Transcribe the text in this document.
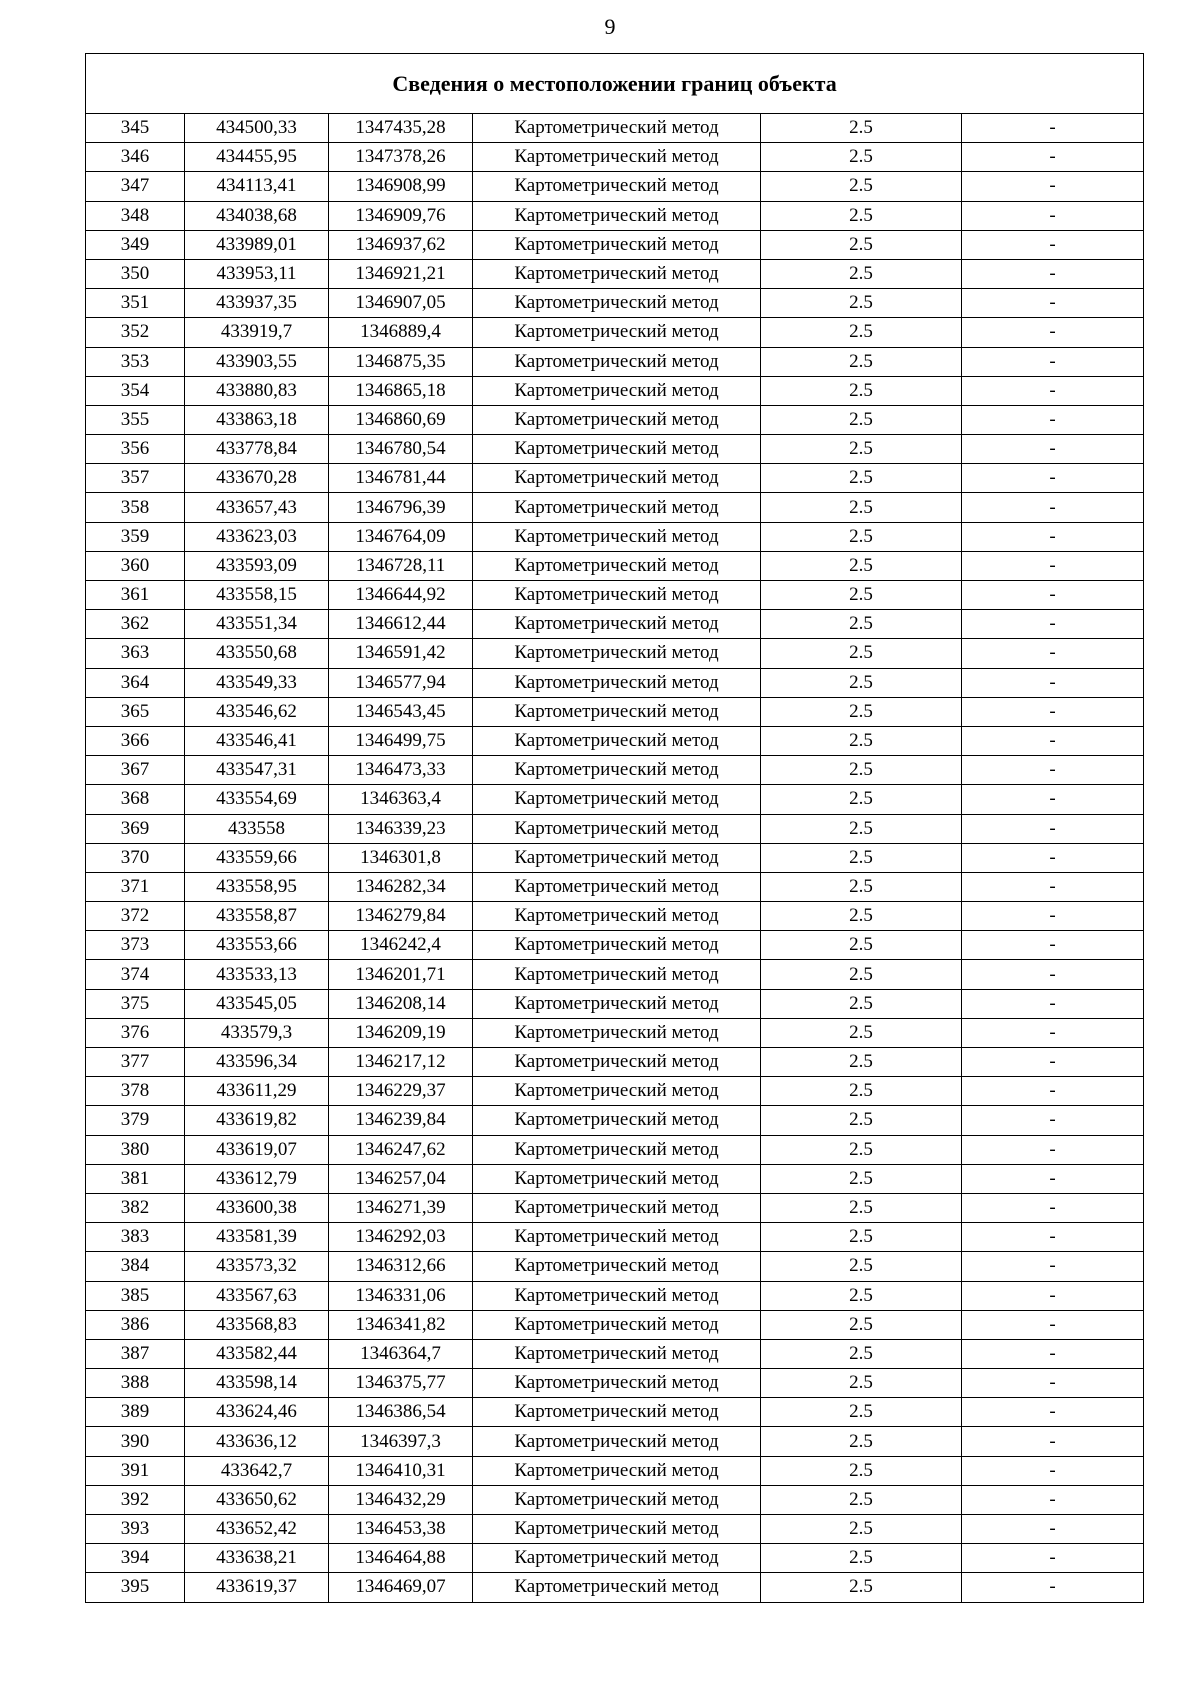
9
Сведения о местоположении границ объекта					
345	434500,33	1347435,28	Картометрический метод	2.5	-
346	434455,95	1347378,26	Картометрический метод	2.5	-
347	434113,41	1346908,99	Картометрический метод	2.5	-
348	434038,68	1346909,76	Картометрический метод	2.5	-
349	433989,01	1346937,62	Картометрический метод	2.5	-
350	433953,11	1346921,21	Картометрический метод	2.5	-
351	433937,35	1346907,05	Картометрический метод	2.5	-
352	433919,7	1346889,4	Картометрический метод	2.5	-
353	433903,55	1346875,35	Картометрический метод	2.5	-
354	433880,83	1346865,18	Картометрический метод	2.5	-
355	433863,18	1346860,69	Картометрический метод	2.5	-
356	433778,84	1346780,54	Картометрический метод	2.5	-
357	433670,28	1346781,44	Картометрический метод	2.5	-
358	433657,43	1346796,39	Картометрический метод	2.5	-
359	433623,03	1346764,09	Картометрический метод	2.5	-
360	433593,09	1346728,11	Картометрический метод	2.5	-
361	433558,15	1346644,92	Картометрический метод	2.5	-
362	433551,34	1346612,44	Картометрический метод	2.5	-
363	433550,68	1346591,42	Картометрический метод	2.5	-
364	433549,33	1346577,94	Картометрический метод	2.5	-
365	433546,62	1346543,45	Картометрический метод	2.5	-
366	433546,41	1346499,75	Картометрический метод	2.5	-
367	433547,31	1346473,33	Картометрический метод	2.5	-
368	433554,69	1346363,4	Картометрический метод	2.5	-
369	433558	1346339,23	Картометрический метод	2.5	-
370	433559,66	1346301,8	Картометрический метод	2.5	-
371	433558,95	1346282,34	Картометрический метод	2.5	-
372	433558,87	1346279,84	Картометрический метод	2.5	-
373	433553,66	1346242,4	Картометрический метод	2.5	-
374	433533,13	1346201,71	Картометрический метод	2.5	-
375	433545,05	1346208,14	Картометрический метод	2.5	-
376	433579,3	1346209,19	Картометрический метод	2.5	-
377	433596,34	1346217,12	Картометрический метод	2.5	-
378	433611,29	1346229,37	Картометрический метод	2.5	-
379	433619,82	1346239,84	Картометрический метод	2.5	-
380	433619,07	1346247,62	Картометрический метод	2.5	-
381	433612,79	1346257,04	Картометрический метод	2.5	-
382	433600,38	1346271,39	Картометрический метод	2.5	-
383	433581,39	1346292,03	Картометрический метод	2.5	-
384	433573,32	1346312,66	Картометрический метод	2.5	-
385	433567,63	1346331,06	Картометрический метод	2.5	-
386	433568,83	1346341,82	Картометрический метод	2.5	-
387	433582,44	1346364,7	Картометрический метод	2.5	-
388	433598,14	1346375,77	Картометрический метод	2.5	-
389	433624,46	1346386,54	Картометрический метод	2.5	-
390	433636,12	1346397,3	Картометрический метод	2.5	-
391	433642,7	1346410,31	Картометрический метод	2.5	-
392	433650,62	1346432,29	Картометрический метод	2.5	-
393	433652,42	1346453,38	Картометрический метод	2.5	-
394	433638,21	1346464,88	Картометрический метод	2.5	-
395	433619,37	1346469,07	Картометрический метод	2.5	-
